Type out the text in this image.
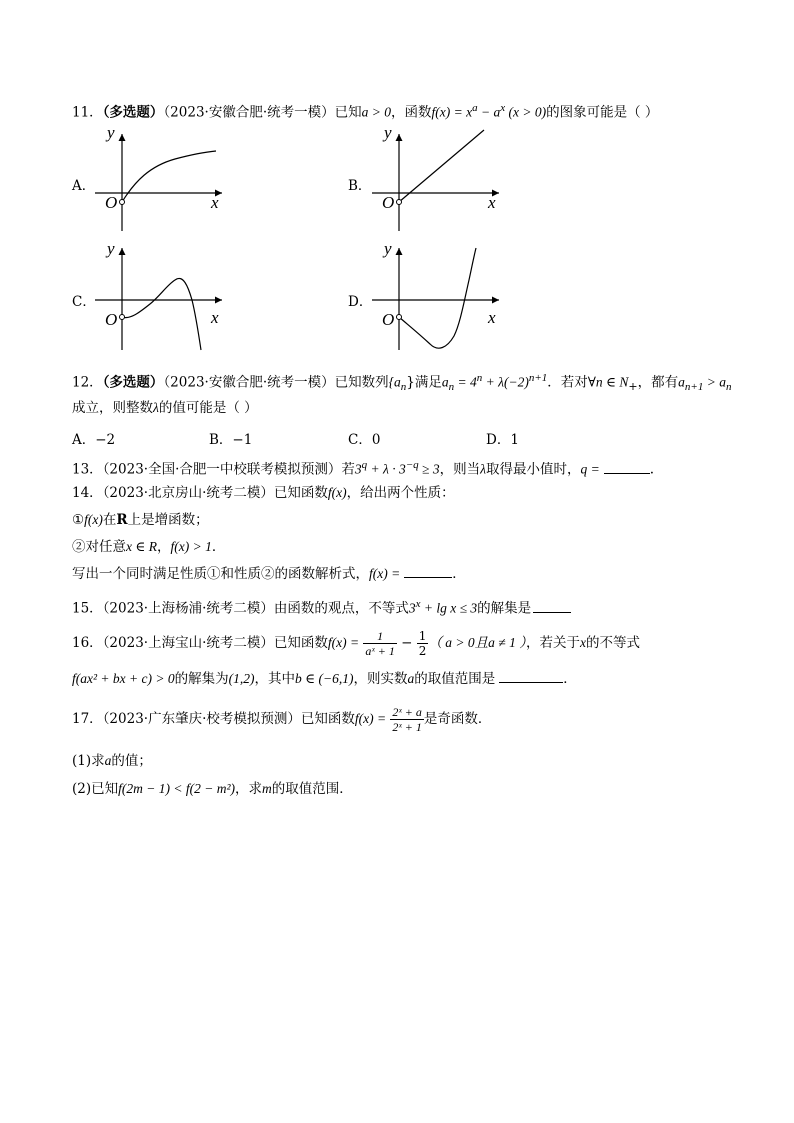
11．（多选题）（2023·安徽合肥·统考一模）已知a > 0，函数$f(x) = x^a - a^x$ (x > 0)的图象可能是（ ）
A．	B．
C．	D．
y
x
O
y
x
O
y
x
O
y
x
O
12．（多选题）（2023·安徽合肥·统考一模）已知数列$\{a_n\}$满足$a_n = 4^n + \lambda(-2)^{n+1}$．若对∀n ∈ $N_+$，都有$a_{n+1} > a_n$
成立，则整数λ的值可能是（ ）
A．−2	B．−1	C．0	D．1
13．（2023·全国·合肥一中校联考模拟预测）若$3^q + \lambda \cdot 3^{-q} \ge 3$，则当λ取得最小值时，q =	.
14．（2023·北京房山·统考二模）已知函数f(x)，给出两个性质：
①f(x)在R上是增函数；
②对任意x ∈ R，f(x) > 1．
写出一个同时满足性质①和性质②的函数解析式，f(x) =	．
15．（2023·上海杨浦·统考二模）由函数的观点，不等式$3^x + \lg x \le 3$的解集是
16．（2023·上海宝山·统考二模）已知函数$f(x) = \frac{1}{\text{aˣ + 1}} - \frac{1}{2}$ （ a > 0且a ≠ 1 ），若关于x的不等式
f(ax² + bx + c) > 0的解集为(1,2)，其中b ∈ (−6,1)，则实数a的取值范围是	．
17．（2023·广东肇庆·校考模拟预测）已知函数$f(x) = \frac{\text{2ˣ + a}}{\text{2ˣ + 1}}$ 是奇函数．
(1)求a的值；
(2)已知f(2m − 1) < f(2 − m²)，求m的取值范围．
